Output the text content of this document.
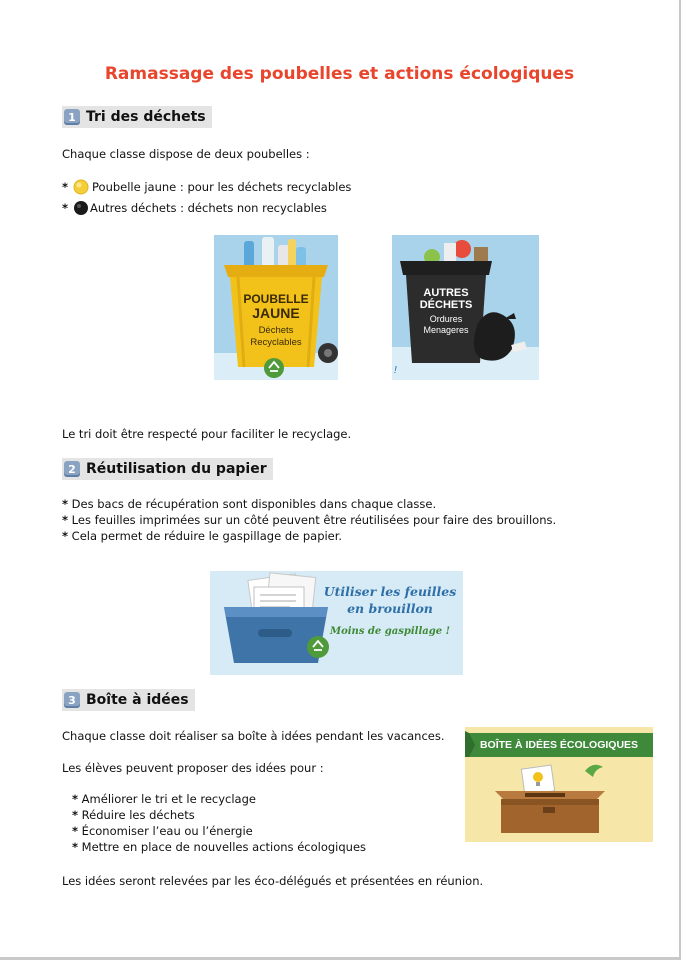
Ramassage des poubelles et actions écologiques
1 Tri des déchets
Chaque classe dispose de deux poubelles :
* Poubelle jaune : pour les déchets recyclables
* Autres déchets : déchets non recyclables
POUBELLE
JAUNE
Déchets
Recyclables
!
AUTRES
DÉCHETS
Ordures
Menageres
Le tri doit être respecté pour faciliter le recyclage.
2 Réutilisation du papier
* Des bacs de récupération sont disponibles dans chaque classe.
* Les feuilles imprimées sur un côté peuvent être réutilisées pour faire des brouillons.
* Cela permet de réduire le gaspillage de papier.
Utiliser les feuilles
en brouillon
Moins de gaspillage !
3 Boîte à idées
Chaque classe doit réaliser sa boîte à idées pendant les vacances.
Les élèves peuvent proposer des idées pour :
* Améliorer le tri et le recyclage
* Réduire les déchets
* Économiser l’eau ou l’énergie
* Mettre en place de nouvelles actions écologiques
Les idées seront relevées par les éco-délégués et présentées en réunion.
BOÎTE À IDÉES ÉCOLOGIQUES
